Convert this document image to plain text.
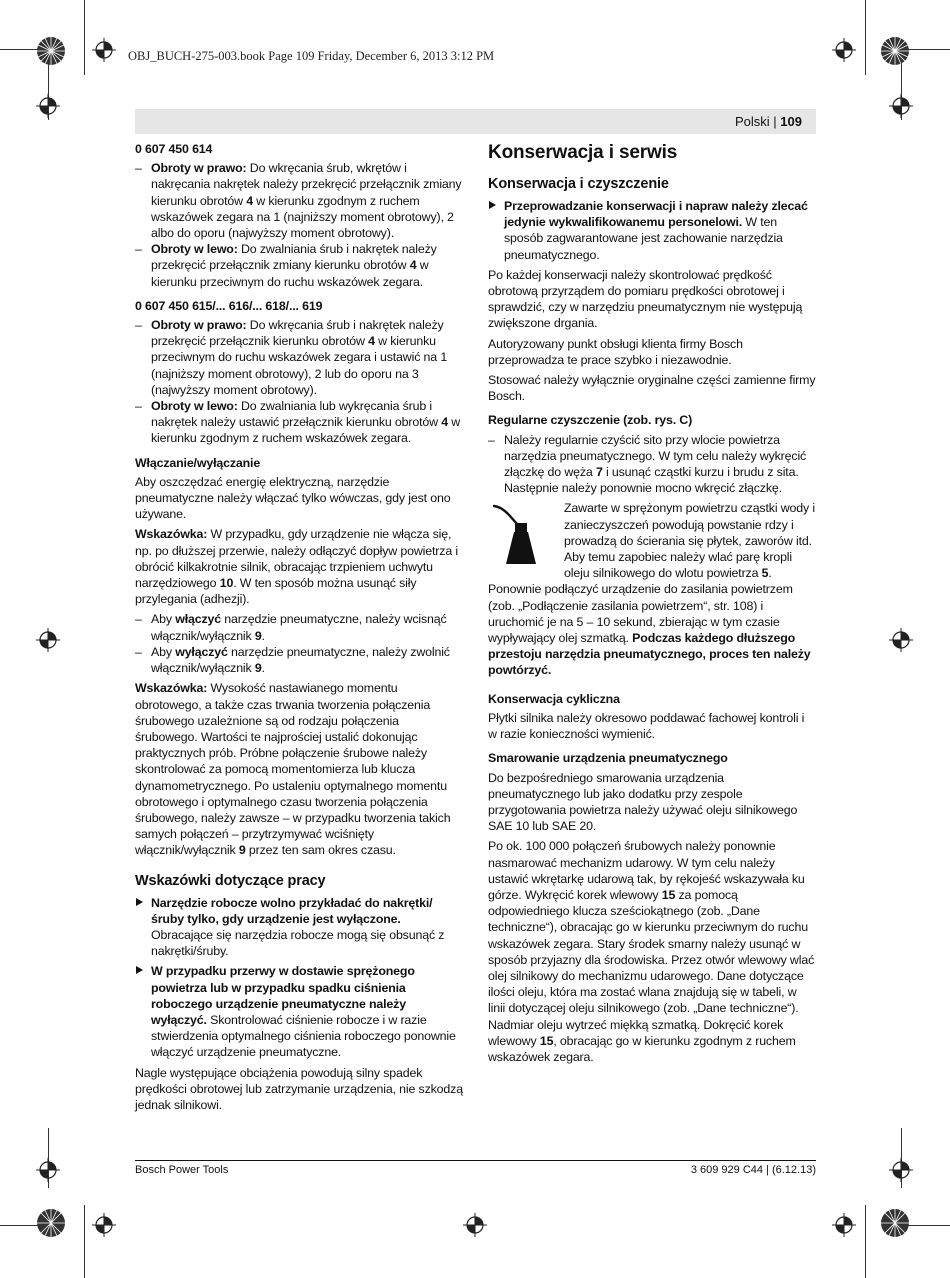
OBJ_BUCH-275-003.book Page 109 Friday, December 6, 2013 3:12 PM
Polski | 109
0 607 450 614
– Obroty w prawo: Do wkręcania śrub, wkrętów i nakręcania nakrętek należy przekręcić przełącznik zmiany kierunku obrotów 4 w kierunku zgodnym z ruchem wskazówek zegara na 1 (najniższy moment obrotowy), 2 albo do oporu (najwyższy moment obrotowy).
– Obroty w lewo: Do zwalniania śrub i nakrętek należy przekręcić przełącznik zmiany kierunku obrotów 4 w kierunku przeciwnym do ruchu wskazówek zegara.
0 607 450 615/... 616/... 618/... 619
– Obroty w prawo: Do wkręcania śrub i nakrętek należy przekręcić przełącznik kierunku obrotów 4 w kierunku przeciwnym do ruchu wskazówek zegara i ustawić na 1 (najniższy moment obrotowy), 2 lub do oporu na 3 (najwyższy moment obrotowy).
– Obroty w lewo: Do zwalniania lub wykręcania śrub i nakrętek należy ustawić przełącznik kierunku obrotów 4 w kierunku zgodnym z ruchem wskazówek zegara.
Włączanie/wyłączanie

Aby oszczędzać energię elektryczną, narzędzie pneumatyczne należy włączać tylko wówczas, gdy jest ono używane.

Wskazówka: W przypadku, gdy urządzenie nie włącza się, np. po dłuższej przerwie, należy odłączyć dopływ powietrza i obrócić kilkakrotnie silnik, obracając trzpieniem uchwytu narzędziowego 10. W ten sposób można usunąć siły przylegania (adhezji).

– Aby włączyć narzędzie pneumatyczne, należy wcisnąć włącznik/wyłącznik 9.
– Aby wyłączyć narzędzie pneumatyczne, należy zwolnić włącznik/wyłącznik 9.

Wskazówka: Wysokość nastawianego momentu obrotowego, a także czas trwania tworzenia połączenia śrubowego uzależnione są od rodzaju połączenia śrubowego. Wartości te najprościej ustalić dokonując praktycznych prób. Próbne połączenie śrubowe należy skontrolować za pomocą momentomierza lub klucza dynamometrycznego. Po ustaleniu optymalnego momentu obrotowego i optymalnego czasu tworzenia połączenia śrubowego, należy zawsze – w przypadku tworzenia takich samych połączeń – przytrzymywać wciśnięty włącznik/wyłącznik 9 przez ten sam okres czasu.

Wskazówki dotyczące pracy
Narzędzie robocze wolno przykładać do nakrętki/śruby tylko, gdy urządzenie jest wyłączone. Obracające się narzędzia robocze mogą się obsunąć z nakrętki/śruby.
W przypadku przerwy w dostawie sprężonego powietrza lub w przypadku spadku ciśnienia roboczego urządzenie pneumatyczne należy wyłączyć. Skontrolować ciśnienie robocze i w razie stwierdzenia optymalnego ciśnienia roboczego ponownie włączyć urządzenie pneumatyczne.

Nagle występujące obciążenia powodują silny spadek prędkości obrotowej lub zatrzymanie urządzenia, nie szkodzą jednak silnikowi.

Konserwacja i serwis
Konserwacja i czyszczenie
Przeprowadzanie konserwacji i napraw należy zlecać jedynie wykwalifikowanemu personelowi. W ten sposób zagwarantowane jest zachowanie narzędzia pneumatycznego.

Po każdej konserwacji należy skontrolować prędkość obrotową przyrządem do pomiaru prędkości obrotowej i sprawdzić, czy w narzędziu pneumatycznym nie występują zwiększone drgania.

Autoryzowany punkt obsługi klienta firmy Bosch przeprowadza te prace szybko i niezawodnie.

Stosować należy wyłącznie oryginalne części zamienne firmy Bosch.

Regularne czyszczenie (zob. rys. C)
– Należy regularnie czyścić sito przy wlocie powietrza narzędzia pneumatycznego. W tym celu należy wykręcić złączkę do węża 7 i usunąć cząstki kurzu i brudu z sita. Następnie należy ponownie mocno wkręcić złączkę.

Zawarte w sprężonym powietrzu cząstki wody i zanieczyszczeń powodują powstanie rdzy i prowadzą do ścierania się płytek, zaworów itd. Aby temu zapobiec należy wlać parę kropli oleju silnikowego do wlotu powietrza 5. Ponownie podłączyć urządzenie do zasilania powietrzem (zob. „Podłączenie zasilania powietrzem“, str. 108) i uruchomić je na 5 – 10 sekund, zbierając w tym czasie wypływający olej szmatką. Podczas każdego dłuższego przestoju narzędzia pneumatycznego, proces ten należy powtórzyć.

Konserwacja cykliczna

Płytki silnika należy okresowo poddawać fachowej kontroli i w razie konieczności wymienić.

Smarowanie urządzenia pneumatycznego

Do bezpośredniego smarowania urządzenia pneumatycznego lub jako dodatku przy zespole przygotowania powietrza należy używać oleju silnikowego SAE 10 lub SAE 20.

Po ok. 100 000 połączeń śrubowych należy ponownie nasmarować mechanizm udarowy. W tym celu należy ustawić wkrętarkę udarową tak, by rękojeść wskazywała ku górze. Wykręcić korek wlewowy 15 za pomocą odpowiedniego klucza sześciokątnego (zob. „Dane techniczne“), obracając go w kierunku przeciwnym do ruchu wskazówek zegara. Stary środek smarny należy usunąć w sposób przyjazny dla środowiska. Przez otwór wlewowy wlać olej silnikowy do mechanizmu udarowego. Dane dotyczące ilości oleju, która ma zostać wlana znajdują się w tabeli, w linii dotyczącej oleju silnikowego (zob. „Dane techniczne“). Nadmiar oleju wytrzeć miękką szmatką. Dokręcić korek wlewowy 15, obracając go w kierunku zgodnym z ruchem wskazówek zegara.

Bosch Power Tools	3 609 929 C44 | (6.12.13)
